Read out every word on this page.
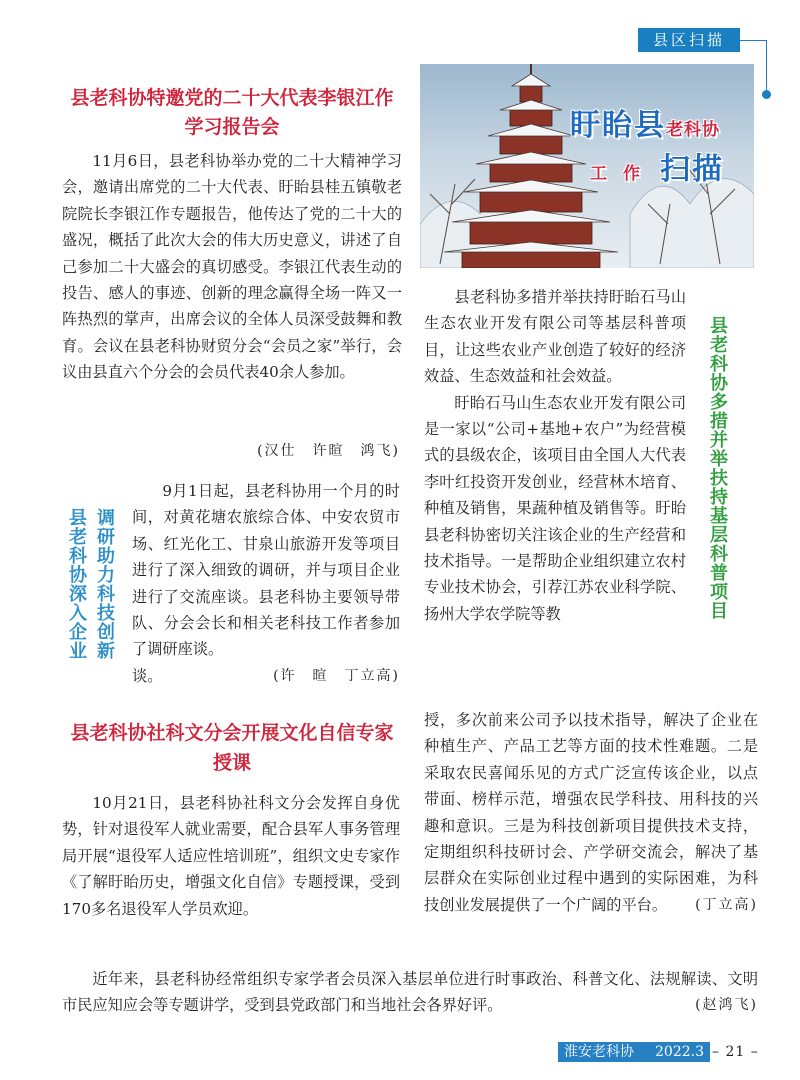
县区扫描
县老科协特邀党的二十大代表李银江作学习报告会
11月6日，县老科协举办党的二十大精神学习会，邀请出席党的二十大代表、盱眙县桂五镇敬老院院长李银江作专题报告，他传达了党的二十大的盛况，概括了此次大会的伟大历史意义，讲述了自己参加二十大盛会的真切感受。李银江代表生动的投告、感人的事迹、创新的理念赢得全场一阵又一阵热烈的掌声，出席会议的全体人员深受鼓舞和教育。会议在县老科协财贸分会“会员之家”举行，会议由县直六个分会的会员代表40余人参加。
(汉仕　许暄　鸿飞)
调研助力科技创新
县老科协深入企业

9月1日起，县老科协用一个月的时间，对黄花塘农旅综合体、中安农贸市场、红光化工、甘泉山旅游开发等项目进行了深入细致的调研，并与项目企业进行了交流座谈。县老科协主要领导带队、分会会长和相关老科技工作者参加了调研座谈。

谈。	(许　暄　丁立高)
县老科协社科文分会开展文化自信专家授课
10月21日，县老科协社科文分会发挥自身优势，针对退役军人就业需要，配合县军人事务管理局开展“退役军人适应性培训班”，组织文史专家作《了解盱眙历史，增强文化自信》专题授课，受到170多名退役军人学员欢迎。
盱眙县老科协
工作 扫描

县老科协多措并举扶持盱眙石马山生态农业开发有限公司等基层科普项目，让这些农业产业创造了较好的经济效益、生态效益和社会效益。

盱眙石马山生态农业开发有限公司是一家以“公司+基地+农户”为经营模式的县级农企，该项目由全国人大代表李叶红投资开发创业，经营林木培育、种植及销售，果蔬种植及销售等。盱眙县老科协密切关注该企业的生产经营和技术指导。一是帮助企业组织建立农村专业技术协会，引荐江苏农业科学院、扬州大学农学院等教	县老科协多措并举扶持基层科普项目
授，多次前来公司予以技术指导，解决了企业在种植生产、产品工艺等方面的技术性难题。二是采取农民喜闻乐见的方式广泛宣传该企业，以点带面、榜样示范，增强农民学科技、用科技的兴趣和意识。三是为科技创新项目提供技术支持，定期组织科技研讨会、产学研交流会，解决了基层群众在实际创业过程中遇到的实际困难，为科技创业发展提供了一个广阔的平台。 (丁立高)
近年来，县老科协经常组织专家学者会员深入基层单位进行时事政治、科普文化、法规解读、文明市民应知应会等专题讲学，受到县党政部门和当地社会各界好评。	(赵鸿飞)
淮安老科协 2022.3 – 21 –
